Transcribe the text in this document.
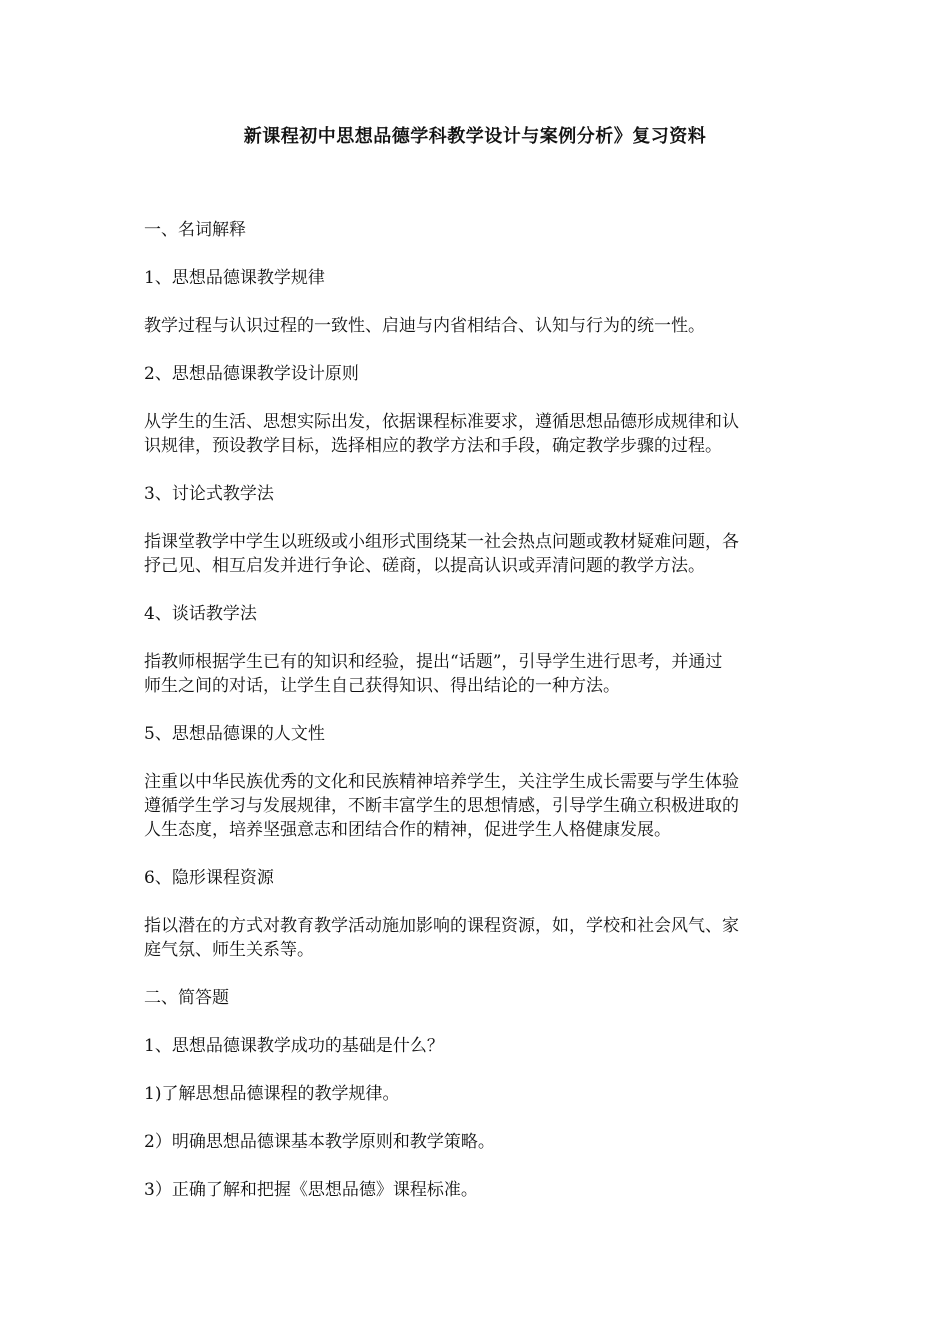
新课程初中思想品德学科教学设计与案例分析》复习资料

一、名词解释

1、思想品德课教学规律

教学过程与认识过程的一致性、启迪与内省相结合、认知与行为的统一性。

2、思想品德课教学设计原则

从学生的生活、思想实际出发，依据课程标准要求，遵循思想品德形成规律和认

识规律，预设教学目标，选择相应的教学方法和手段，确定教学步骤的过程。

3、讨论式教学法

指课堂教学中学生以班级或小组形式围绕某一社会热点问题或教材疑难问题，各

抒己见、相互启发并进行争论、磋商，以提高认识或弄清问题的教学方法。

4、谈话教学法

指教师根据学生已有的知识和经验，提出“话题”，引导学生进行思考，并通过

师生之间的对话，让学生自己获得知识、得出结论的一种方法。

5、思想品德课的人文性

注重以中华民族优秀的文化和民族精神培养学生，关注学生成长需要与学生体验

遵循学生学习与发展规律，不断丰富学生的思想情感，引导学生确立积极进取的

人生态度，培养坚强意志和团结合作的精神，促进学生人格健康发展。

6、隐形课程资源

指以潜在的方式对教育教学活动施加影响的课程资源，如，学校和社会风气、家

庭气氛、师生关系等。

二、简答题

1、思想品德课教学成功的基础是什么？

1)了解思想品德课程的教学规律。

2）明确思想品德课基本教学原则和教学策略。

3）正确了解和把握《思想品德》课程标准。
